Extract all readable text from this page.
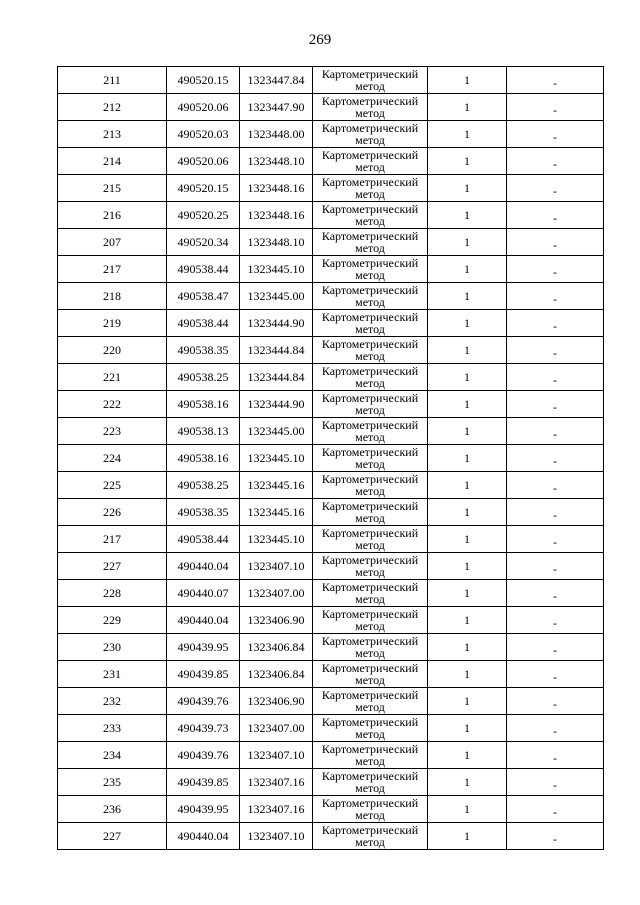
269
211	490520.15	1323447.84	Картометрический
метод	1	-
212	490520.06	1323447.90	Картометрический
метод	1	-
213	490520.03	1323448.00	Картометрический
метод	1	-
214	490520.06	1323448.10	Картометрический
метод	1	-
215	490520.15	1323448.16	Картометрический
метод	1	-
216	490520.25	1323448.16	Картометрический
метод	1	-
207	490520.34	1323448.10	Картометрический
метод	1	-
217	490538.44	1323445.10	Картометрический
метод	1	-
218	490538.47	1323445.00	Картометрический
метод	1	-
219	490538.44	1323444.90	Картометрический
метод	1	-
220	490538.35	1323444.84	Картометрический
метод	1	-
221	490538.25	1323444.84	Картометрический
метод	1	-
222	490538.16	1323444.90	Картометрический
метод	1	-
223	490538.13	1323445.00	Картометрический
метод	1	-
224	490538.16	1323445.10	Картометрический
метод	1	-
225	490538.25	1323445.16	Картометрический
метод	1	-
226	490538.35	1323445.16	Картометрический
метод	1	-
217	490538.44	1323445.10	Картометрический
метод	1	-
227	490440.04	1323407.10	Картометрический
метод	1	-
228	490440.07	1323407.00	Картометрический
метод	1	-
229	490440.04	1323406.90	Картометрический
метод	1	-
230	490439.95	1323406.84	Картометрический
метод	1	-
231	490439.85	1323406.84	Картометрический
метод	1	-
232	490439.76	1323406.90	Картометрический
метод	1	-
233	490439.73	1323407.00	Картометрический
метод	1	-
234	490439.76	1323407.10	Картометрический
метод	1	-
235	490439.85	1323407.16	Картометрический
метод	1	-
236	490439.95	1323407.16	Картометрический
метод	1	-
227	490440.04	1323407.10	Картометрический
метод	1	-
